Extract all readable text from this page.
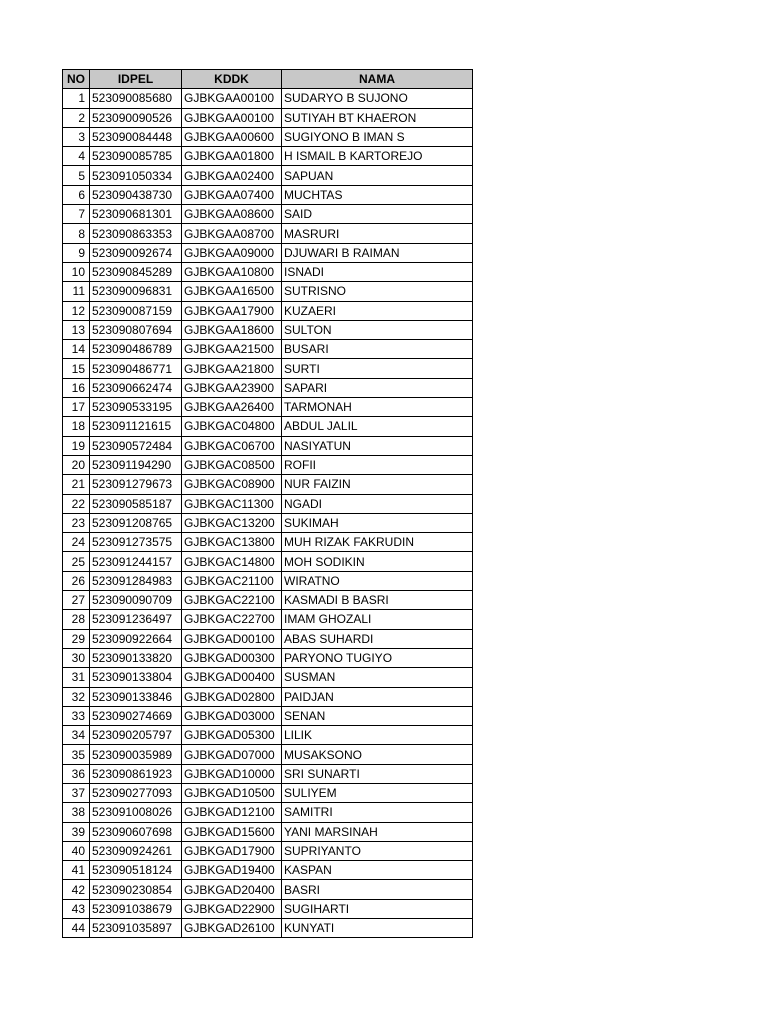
NO	IDPEL	KDDK	NAMA
1	523090085680	GJBKGAA00100	SUDARYO B SUJONO
2	523090090526	GJBKGAA00100	SUTIYAH BT KHAERON
3	523090084448	GJBKGAA00600	SUGIYONO B IMAN S
4	523090085785	GJBKGAA01800	H ISMAIL B KARTOREJO
5	523091050334	GJBKGAA02400	SAPUAN
6	523090438730	GJBKGAA07400	MUCHTAS
7	523090681301	GJBKGAA08600	SAID
8	523090863353	GJBKGAA08700	MASRURI
9	523090092674	GJBKGAA09000	DJUWARI B RAIMAN
10	523090845289	GJBKGAA10800	ISNADI
11	523090096831	GJBKGAA16500	SUTRISNO
12	523090087159	GJBKGAA17900	KUZAERI
13	523090807694	GJBKGAA18600	SULTON
14	523090486789	GJBKGAA21500	BUSARI
15	523090486771	GJBKGAA21800	SURTI
16	523090662474	GJBKGAA23900	SAPARI
17	523090533195	GJBKGAA26400	TARMONAH
18	523091121615	GJBKGAC04800	ABDUL JALIL
19	523090572484	GJBKGAC06700	NASIYATUN
20	523091194290	GJBKGAC08500	ROFII
21	523091279673	GJBKGAC08900	NUR FAIZIN
22	523090585187	GJBKGAC11300	NGADI
23	523091208765	GJBKGAC13200	SUKIMAH
24	523091273575	GJBKGAC13800	MUH RIZAK FAKRUDIN
25	523091244157	GJBKGAC14800	MOH SODIKIN
26	523091284983	GJBKGAC21100	WIRATNO
27	523090090709	GJBKGAC22100	KASMADI B BASRI
28	523091236497	GJBKGAC22700	IMAM GHOZALI
29	523090922664	GJBKGAD00100	ABAS SUHARDI
30	523090133820	GJBKGAD00300	PARYONO TUGIYO
31	523090133804	GJBKGAD00400	SUSMAN
32	523090133846	GJBKGAD02800	PAIDJAN
33	523090274669	GJBKGAD03000	SENAN
34	523090205797	GJBKGAD05300	LILIK
35	523090035989	GJBKGAD07000	MUSAKSONO
36	523090861923	GJBKGAD10000	SRI SUNARTI
37	523090277093	GJBKGAD10500	SULIYEM
38	523091008026	GJBKGAD12100	SAMITRI
39	523090607698	GJBKGAD15600	YANI MARSINAH
40	523090924261	GJBKGAD17900	SUPRIYANTO
41	523090518124	GJBKGAD19400	KASPAN
42	523090230854	GJBKGAD20400	BASRI
43	523091038679	GJBKGAD22900	SUGIHARTI
44	523091035897	GJBKGAD26100	KUNYATI
